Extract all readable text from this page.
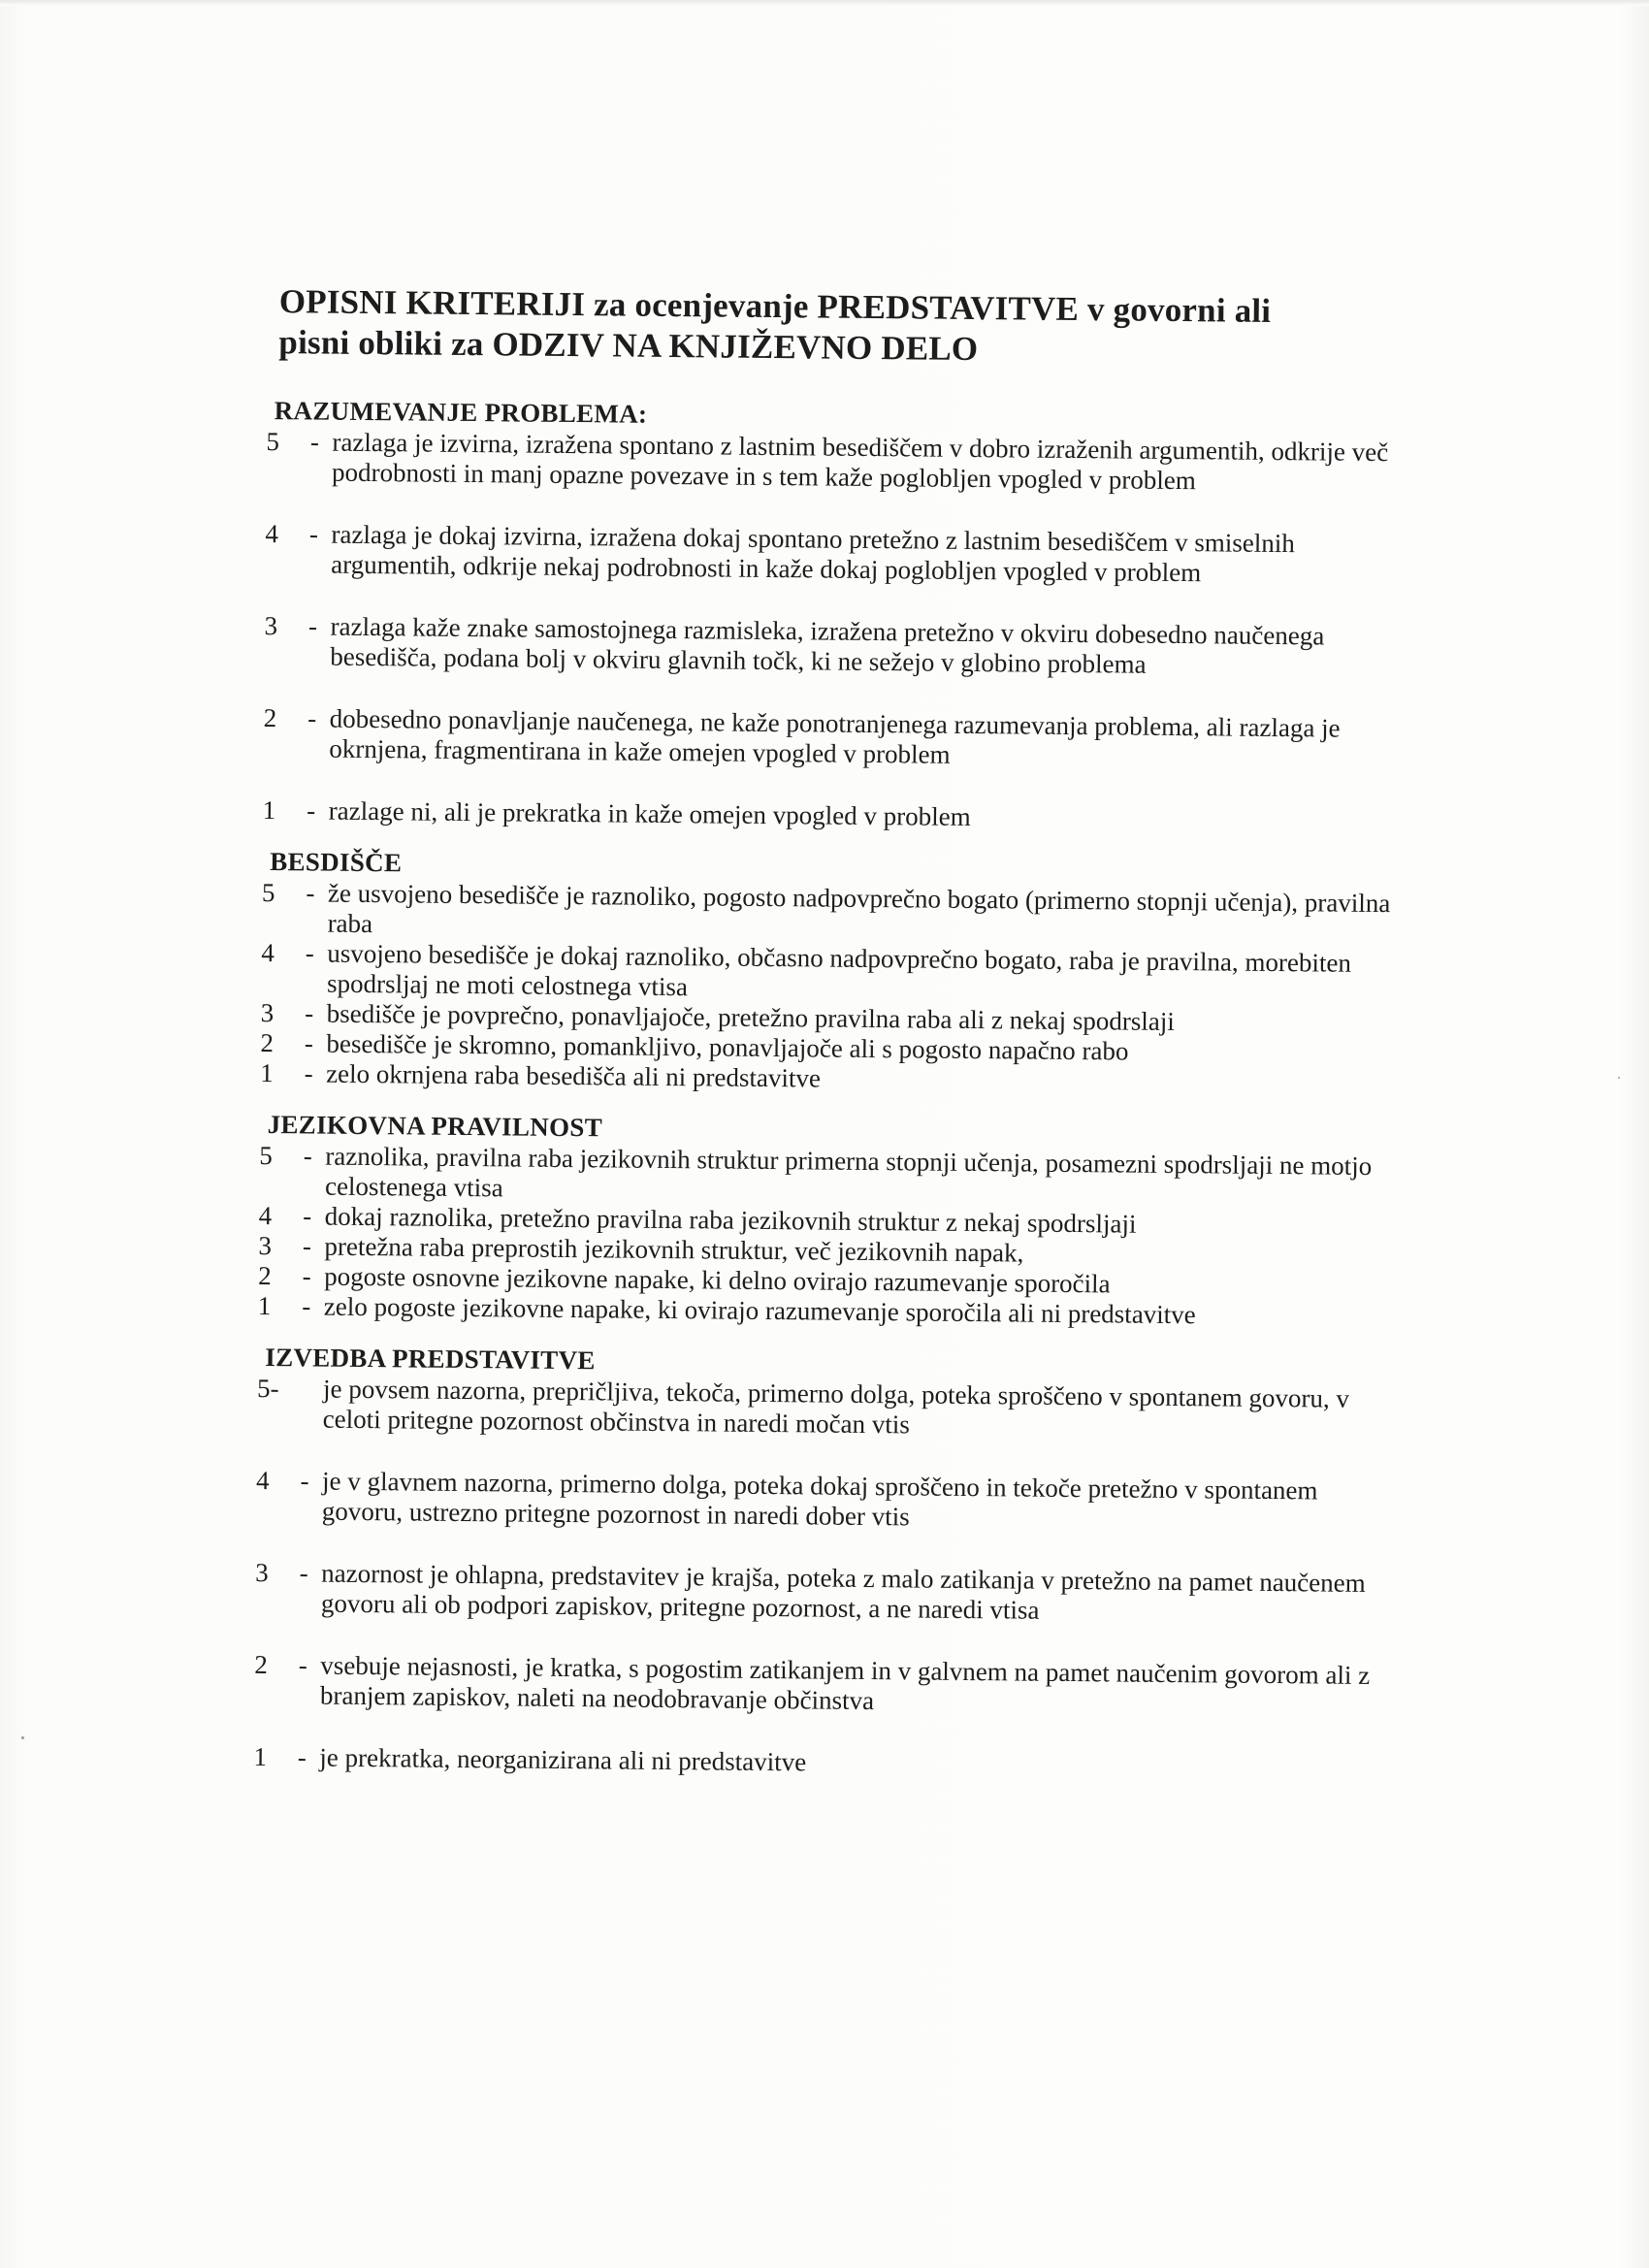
OPISNI KRITERIJI za ocenjevanje PREDSTAVITVE v govorni ali
pisni obliki za ODZIV NA KNJIŽEVNO DELO
RAZUMEVANJE PROBLEMA:
5	- razlaga je izvirna, izražena spontano z lastnim besediščem v dobro izraženih argumentih, odkrije več podrobnosti in manj opazne povezave in s tem kaže poglobljen vpogled v problem
4	- razlaga je dokaj izvirna, izražena dokaj spontano pretežno z lastnim besediščem v smiselnih argumentih, odkrije nekaj podrobnosti in kaže dokaj poglobljen vpogled v problem
3	- razlaga kaže znake samostojnega razmisleka, izražena pretežno v okviru dobesedno naučenega besedišča, podana bolj v okviru glavnih točk, ki ne sežejo v globino problema
2	- dobesedno ponavljanje naučenega, ne kaže ponotranjenega razumevanja problema, ali razlaga je okrnjena, fragmentirana in kaže omejen vpogled v problem
1	- razlage ni, ali je prekratka in kaže omejen vpogled v problem
BESDIŠČE
5	- že usvojeno besedišče je raznoliko, pogosto nadpovprečno bogato (primerno stopnji učenja), pravilna raba
4	- usvojeno besedišče je dokaj raznoliko, občasno nadpovprečno bogato, raba je pravilna, morebiten spodrsljaj ne moti celostnega vtisa
3	- bsedišče je povprečno, ponavljajoče, pretežno pravilna raba ali z nekaj spodrslaji
2	- besedišče je skromno, pomankljivo, ponavljajoče ali s pogosto napačno rabo
1	- zelo okrnjena raba besedišča ali ni predstavitve
JEZIKOVNA PRAVILNOST
5	- raznolika, pravilna raba jezikovnih struktur primerna stopnji učenja, posamezni spodrsljaji ne motjo celostenega vtisa
4	- dokaj raznolika, pretežno pravilna raba jezikovnih struktur z nekaj spodrsljaji
3	- pretežna raba preprostih jezikovnih struktur, več jezikovnih napak,
2	- pogoste osnovne jezikovne napake, ki delno ovirajo razumevanje sporočila
1	- zelo pogoste jezikovne napake, ki ovirajo razumevanje sporočila ali ni predstavitve
IZVEDBA PREDSTAVITVE
5-	je povsem nazorna, prepričljiva, tekoča, primerno dolga, poteka sproščeno v spontanem govoru, v celoti pritegne pozornost občinstva in naredi močan vtis
4	- je v glavnem nazorna, primerno dolga, poteka dokaj sproščeno in tekoče pretežno v spontanem govoru, ustrezno pritegne pozornost in naredi dober vtis
3	- nazornost je ohlapna, predstavitev je krajša, poteka z malo zatikanja v pretežno na pamet naučenem govoru ali ob podpori zapiskov, pritegne pozornost, a ne naredi vtisa
2	- vsebuje nejasnosti, je kratka, s pogostim zatikanjem in v galvnem na pamet naučenim govorom ali z branjem zapiskov, naleti na neodobravanje občinstva
1	- je prekratka, neorganizirana ali ni predstavitve
